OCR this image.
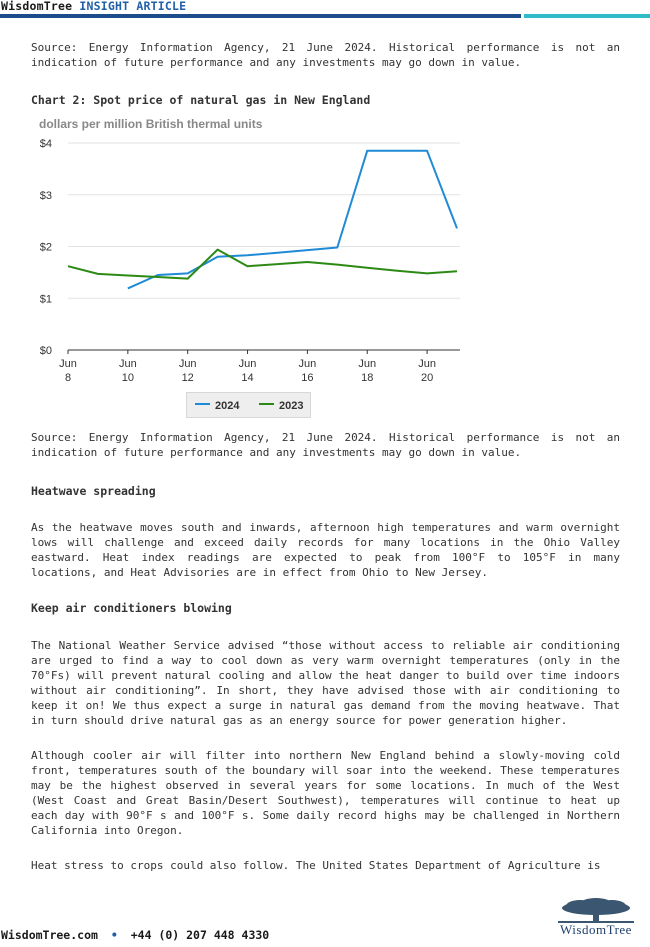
WisdomTree INSIGHT ARTICLE

Source: Energy Information Agency, 21 June 2024. Historical performance is not an indication of future performance and any investments may go down in value.

Chart 2: Spot price of natural gas in New England
dollars per million British thermal units
$0
$1
$2
$3
$4
Jun
8
Jun
10
Jun
12
Jun
14
Jun
16
Jun
18
Jun
20
2024	2023

Source: Energy Information Agency, 21 June 2024. Historical performance is not an indication of future performance and any investments may go down in value.

Heatwave spreading

As the heatwave moves south and inwards, afternoon high temperatures and warm overnight lows will challenge and exceed daily records for many locations in the Ohio Valley eastward. Heat index readings are expected to peak from 100°F to 105°F in many locations, and Heat Advisories are in effect from Ohio to New Jersey.

Keep air conditioners blowing

The National Weather Service advised “those without access to reliable air conditioning are urged to find a way to cool down as very warm overnight temperatures (only in the 70°Fs) will prevent natural cooling and allow the heat danger to build over time indoors without air conditioning”. In short, they have advised those with air conditioning to keep it on! We thus expect a surge in natural gas demand from the moving heatwave. That in turn should drive natural gas as an energy source for power generation higher.

Although cooler air will filter into northern New England behind a slowly-moving cold front, temperatures south of the boundary will soar into the weekend. These temperatures may be the highest observed in several years for some locations. In much of the West (West Coast and Great Basin/Desert Southwest), temperatures will continue to heat up each day with 90°F s and 100°F s. Some daily record highs may be challenged in Northern California into Oregon.

Heat stress to crops could also follow. The United States Department of Agriculture is

WisdomTree.com • +44 (0) 207 448 4330	WisdomTree
